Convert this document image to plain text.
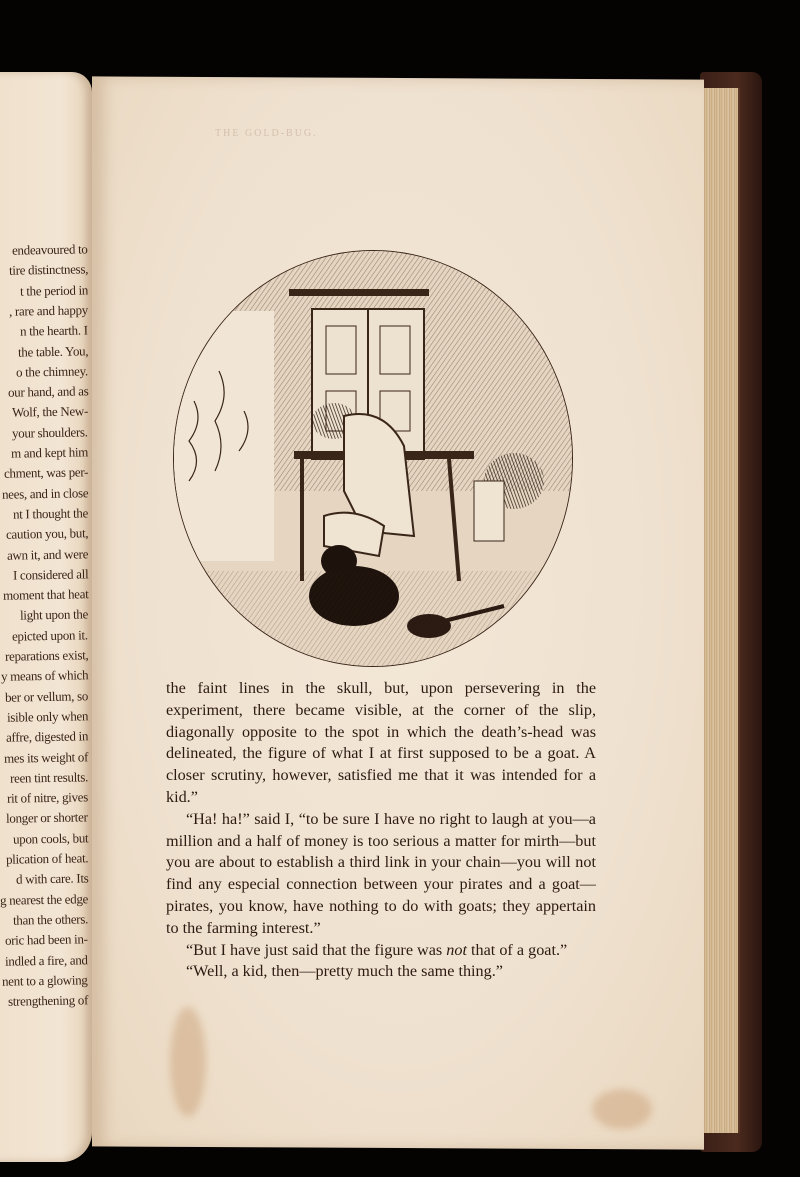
endeavoured to
tire distinctness,
t the period in
, rare and happy
n the hearth. I
the table. You,
o the chimney.
our hand, and as
Wolf, the New-
your shoulders.
m and kept him
chment, was per-
nees, and in close
nt I thought the
caution you, but,
awn it, and were
I considered all
moment that heat
light upon the
epicted upon it.
reparations exist,
y means of which
ber or vellum, so
isible only when
affre, digested in
mes its weight of
reen tint results.
rit of nitre, gives
longer or shorter
upon cools, but
plication of heat.
d with care. Its
g nearest the edge
than the others.
oric had been in-
indled a fire, and
nent to a glowing
strengthening of
THE GOLD-BUG.

the faint lines in the skull, but, upon persevering in the experiment, there became visible, at the corner of the slip, diagonally opposite to the spot in which the death’s-head was delineated, the figure of what I at first supposed to be a goat. A closer scrutiny, however, satisfied me that it was intended for a kid.”

“Ha! ha!” said I, “to be sure I have no right to laugh at you—a million and a half of money is too serious a matter for mirth—but you are about to establish a third link in your chain—you will not find any especial connection between your pirates and a goat—pirates, you know, have nothing to do with goats; they appertain to the farming interest.”

“But I have just said that the figure was not that of a goat.”

“Well, a kid, then—pretty much the same thing.”
